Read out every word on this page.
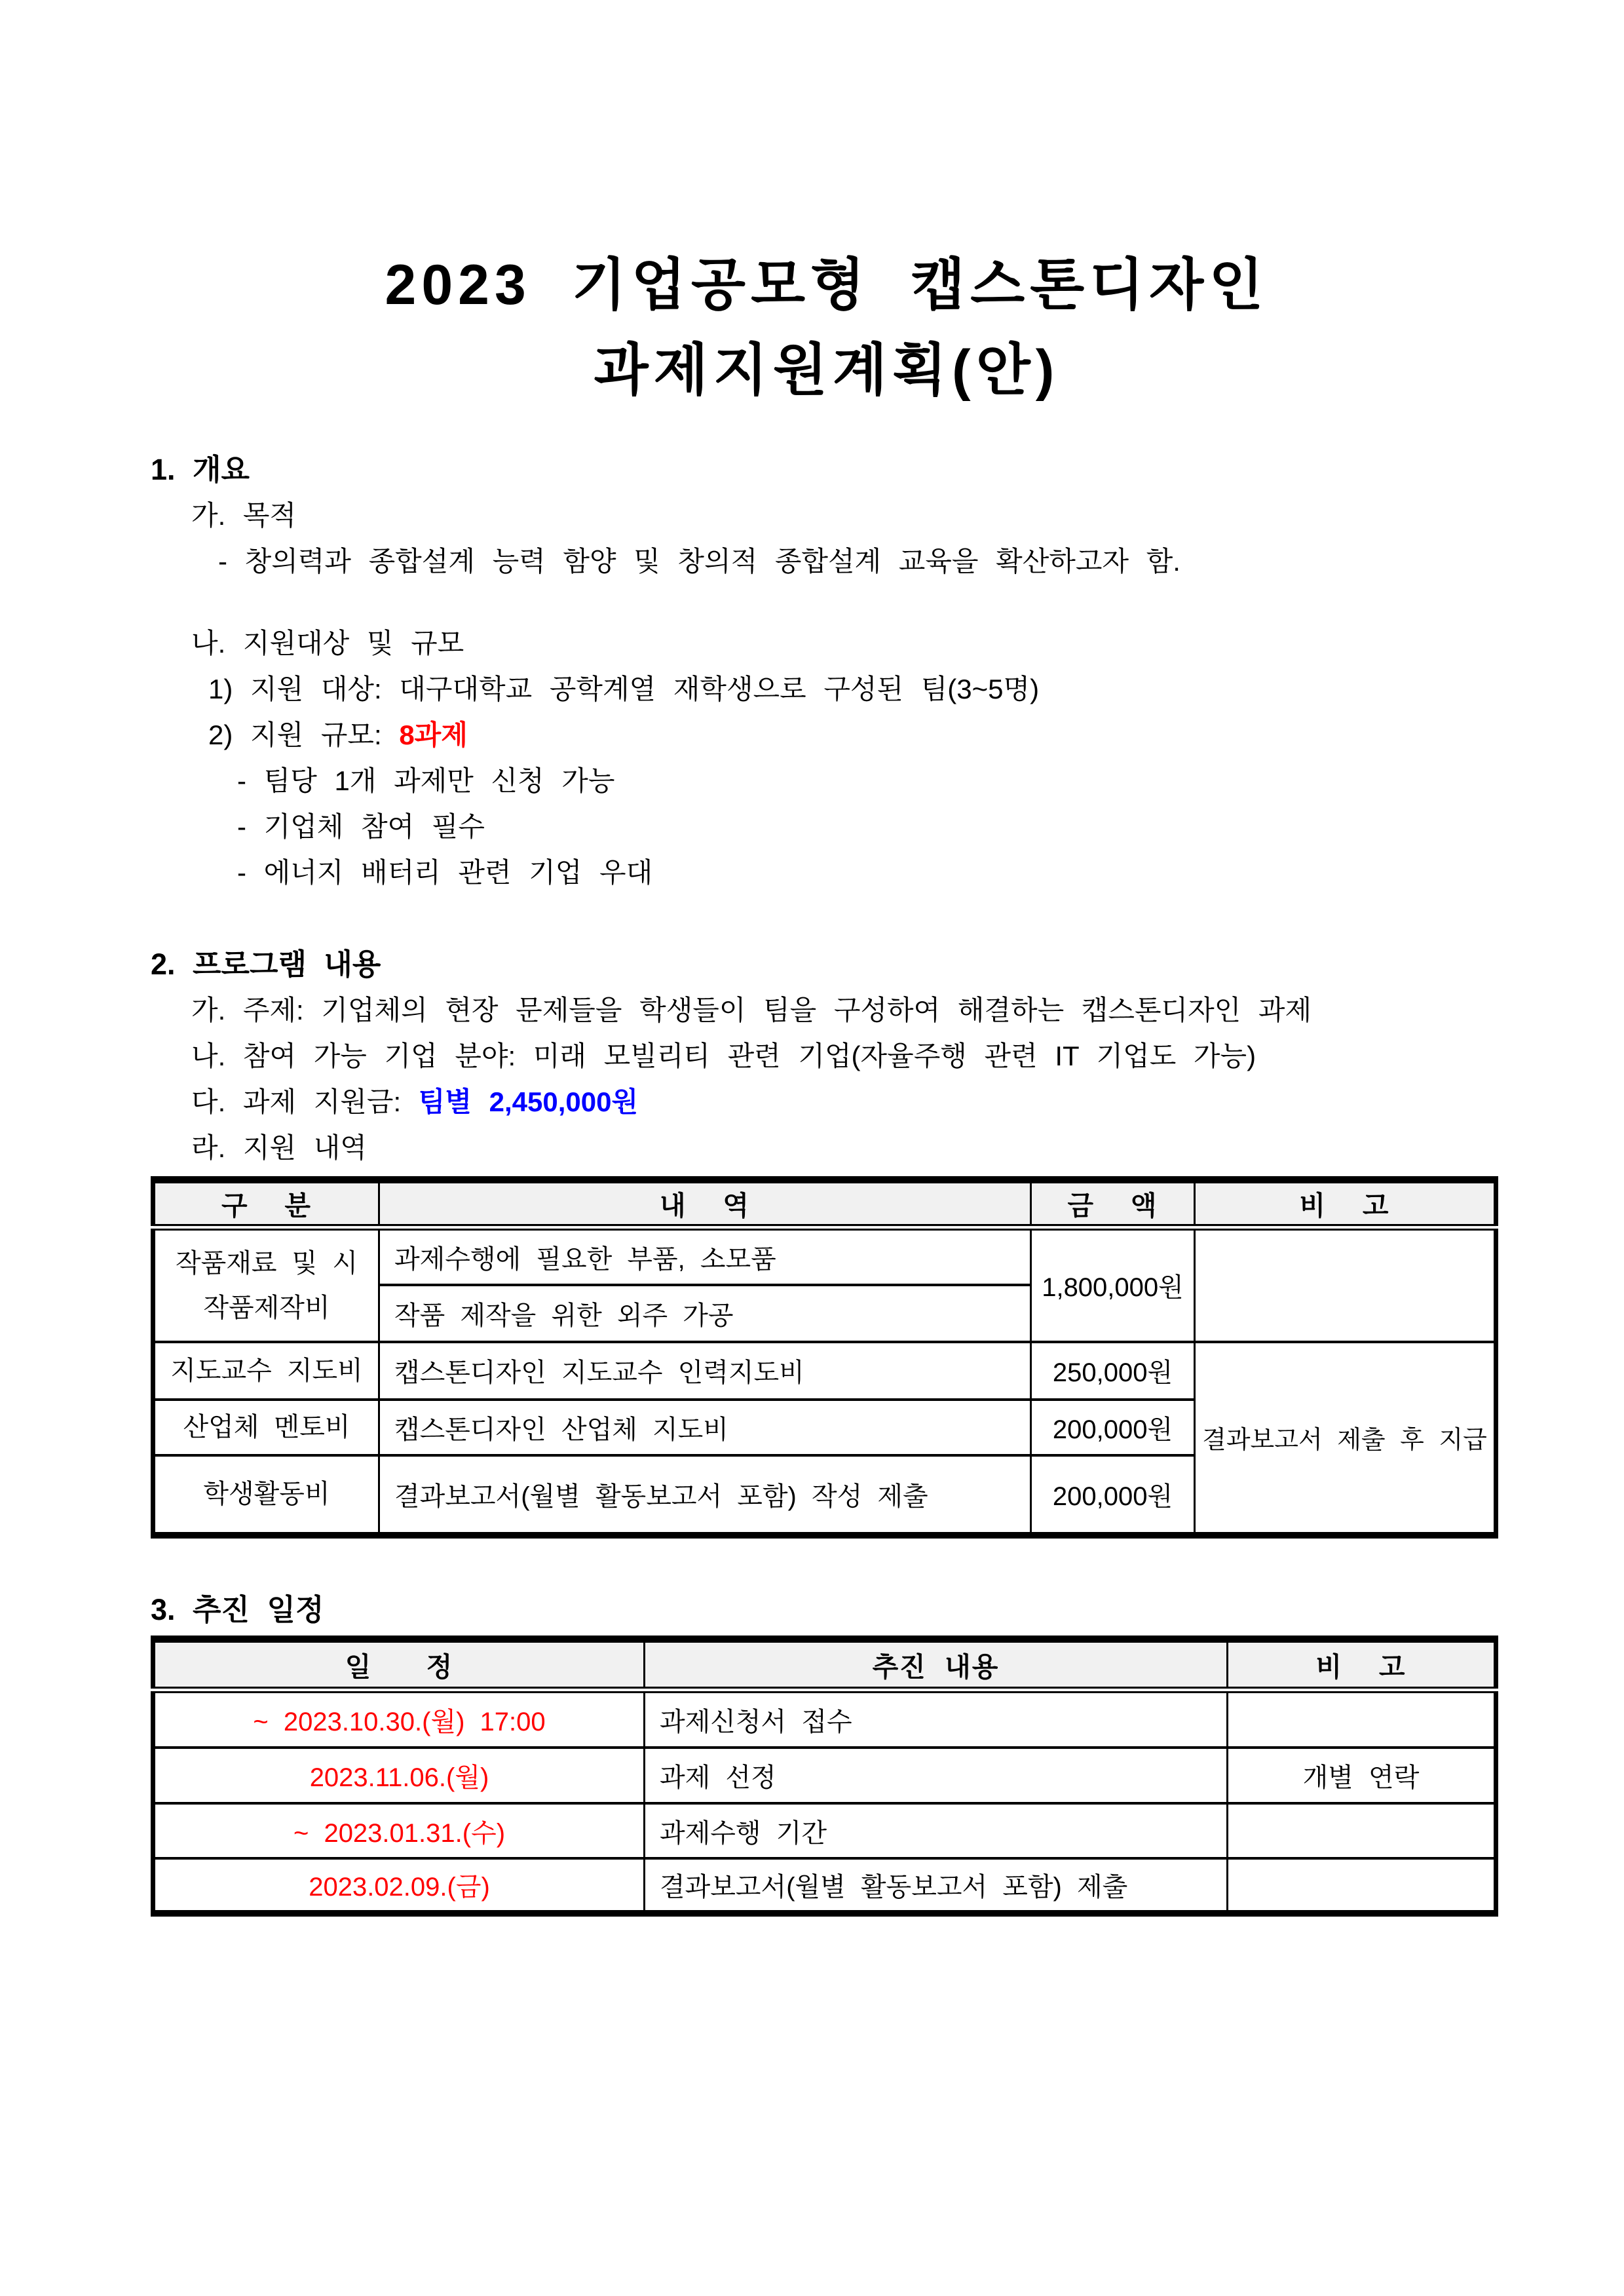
2023 기업공모형 캡스톤디자인
과제지원계획(안)
1. 개요
가. 목적
- 창의력과 종합설계 능력 함양 및 창의적 종합설계 교육을 확산하고자 함.
나. 지원대상 및 규모
1) 지원 대상: 대구대학교 공학계열 재학생으로 구성된 팀(3~5명)
2) 지원 규모: 8과제
- 팀당 1개 과제만 신청 가능
- 기업체 참여 필수
- 에너지 배터리 관련 기업 우대
2. 프로그램 내용
가. 주제: 기업체의 현장 문제들을 학생들이 팀을 구성하여 해결하는 캡스톤디자인 과제
나. 참여 가능 기업 분야: 미래 모빌리티 관련 기업(자율주행 관련 IT 기업도 가능)
다. 과제 지원금: 팀별 2,450,000원
라. 지원 내역
구  분	내  역	금  액	비  고
작품재료 및 시작품제작비	과제수행에 필요한 부품, 소모품	1,800,000원	
	작품 제작을 위한 외주 가공		
지도교수 지도비	캡스톤디자인 지도교수 인력지도비	250,000원	결과보고서 제출 후 지급
산업체 멘토비	캡스톤디자인 산업체 지도비	200,000원	
학생활동비	결과보고서(월별 활동보고서 포함) 작성 제출	200,000원	
3. 추진 일정
일   정	추진 내용	비  고
~ 2023.10.30.(월) 17:00	과제신청서 접수	
2023.11.06.(월)	과제 선정	개별 연락
~ 2023.01.31.(수)	과제수행 기간	
2023.02.09.(금)	결과보고서(월별 활동보고서 포함) 제출	
